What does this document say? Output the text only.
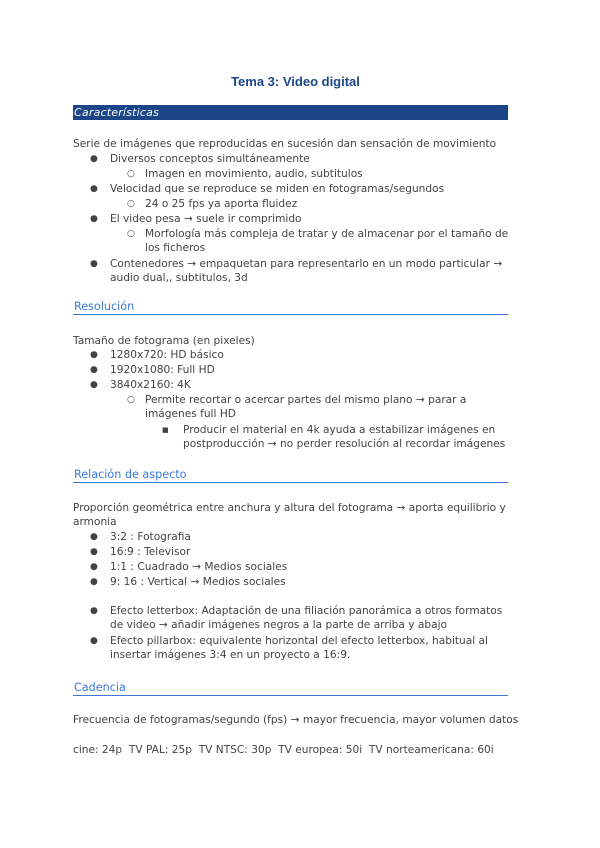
Tema 3: Video digital
Características
Serie de imágenes que reproducidas en sucesión dan sensación de movimiento
● Diversos conceptos simultáneamente
○ Imagen en movimiento, audio, subtitulos
● Velocidad que se reproduce se miden en fotogramas/segundos
○ 24 o 25 fps ya aporta fluidez
● El video pesa → suele ir comprimido
○ Morfología más compleja de tratar y de almacenar por el tamaño de
los ficheros
● Contenedores → empaquetan para representarlo en un modo particular →
audio dual,, subtitulos, 3d
Resolución
Tamaño de fotograma (en pixeles)
● 1280x720: HD básico
● 1920x1080: Full HD
● 3840x2160: 4K
○ Permite recortar o acercar partes del mismo plano → parar a
imágenes full HD
■ Producir el material en 4k ayuda a estabilizar imágenes en
postproducción → no perder resolución al recordar imágenes
Relación de aspecto
Proporción geométrica entre anchura y altura del fotograma → aporta equilibrio y
armonia
● 3:2 : Fotografia
● 16:9 : Televisor
● 1:1 : Cuadrado → Medios sociales
● 9: 16 : Vertical → Medios sociales
● Efecto letterbox: Adaptación de una filiación panorámica a otros formatos
de video → añadir imágenes negros a la parte de arriba y abajo
● Efecto pillarbox: equivalente horizontal del efecto letterbox, habitual al
insertar imágenes 3:4 en un proyecto a 16:9.
Cadencia
Frecuencia de fotogramas/segundo (fps) → mayor frecuencia, mayor volumen datos
cine: 24p  TV PAL: 25p  TV NTSC: 30p  TV europea: 50i  TV norteamericana: 60i
